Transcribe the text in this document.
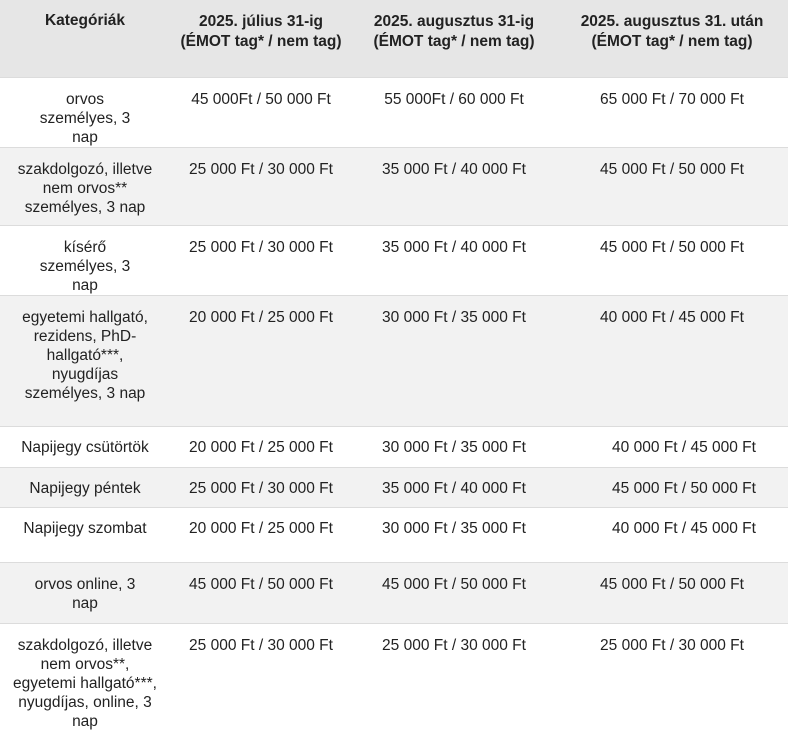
Kategóriák	2025. július 31-ig (ÉMOT tag* / nem tag)	2025. augusztus 31-ig (ÉMOT tag* / nem tag)	2025. augusztus 31. után (ÉMOT tag* / nem tag)
orvos személyes, 3 nap	45 000Ft / 50 000 Ft	55 000Ft / 60 000 Ft	65 000 Ft / 70 000 Ft
szakdolgozó, illetve nem orvos** személyes, 3 nap	25 000 Ft / 30 000 Ft	35 000 Ft / 40 000 Ft	45 000 Ft / 50 000 Ft
kísérő személyes, 3 nap	25 000 Ft / 30 000 Ft	35 000 Ft / 40 000 Ft	45 000 Ft / 50 000 Ft
egyetemi hallgató, rezidens, PhD-hallgató***, nyugdíjas személyes, 3 nap	20 000 Ft / 25 000 Ft	30 000 Ft / 35 000 Ft	40 000 Ft / 45 000 Ft
Napijegy csütörtök	20 000 Ft / 25 000 Ft	30 000 Ft / 35 000 Ft	40 000 Ft / 45 000 Ft
Napijegy péntek	25 000 Ft / 30 000 Ft	35 000 Ft / 40 000 Ft	45 000 Ft / 50 000 Ft
Napijegy szombat	20 000 Ft / 25 000 Ft	30 000 Ft / 35 000 Ft	40 000 Ft / 45 000 Ft
orvos online, 3 nap	45 000 Ft / 50 000 Ft	45 000 Ft / 50 000 Ft	45 000 Ft / 50 000 Ft
szakdolgozó, illetve nem orvos**, egyetemi hallgató***, nyugdíjas, online, 3 nap	25 000 Ft / 30 000 Ft	25 000 Ft / 30 000 Ft	25 000 Ft / 30 000 Ft
